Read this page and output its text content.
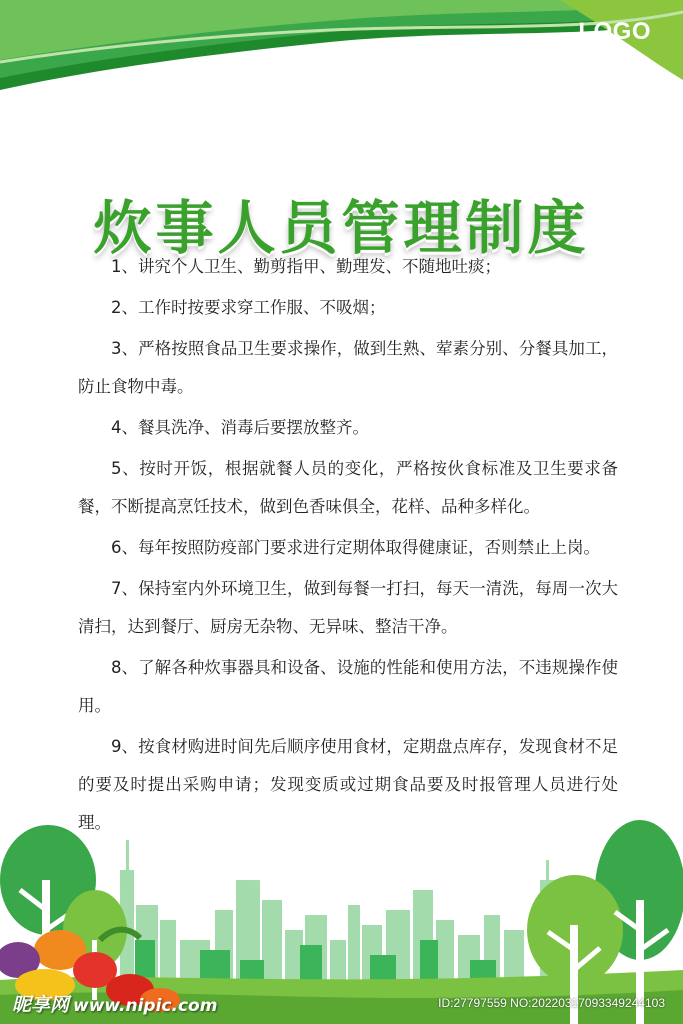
LOGO
炊事人员管理制度
1、讲究个人卫生、勤剪指甲、勤理发、不随地吐痰；
2、工作时按要求穿工作服、不吸烟；
3、严格按照食品卫生要求操作，做到生熟、荤素分别、分餐具加工，防止食物中毒。
4、餐具洗净、消毒后要摆放整齐。
5、按时开饭，根据就餐人员的变化，严格按伙食标准及卫生要求备餐，不断提高烹饪技术，做到色香味俱全，花样、品种多样化。
6、每年按照防疫部门要求进行定期体取得健康证，否则禁止上岗。
7、保持室内外环境卫生，做到每餐一打扫，每天一清洗，每周一次大清扫，达到餐厅、厨房无杂物、无异味、整洁干净。
8、了解各种炊事器具和设备、设施的性能和使用方法，不违规操作使用。
9、按食材购进时间先后顺序使用食材，定期盘点库存，发现食材不足的要及时提出采购申请；发现变质或过期食品要及时报管理人员进行处理。
昵享网 www.nipic.com	ID:27797559 NO:20220317093349244103
